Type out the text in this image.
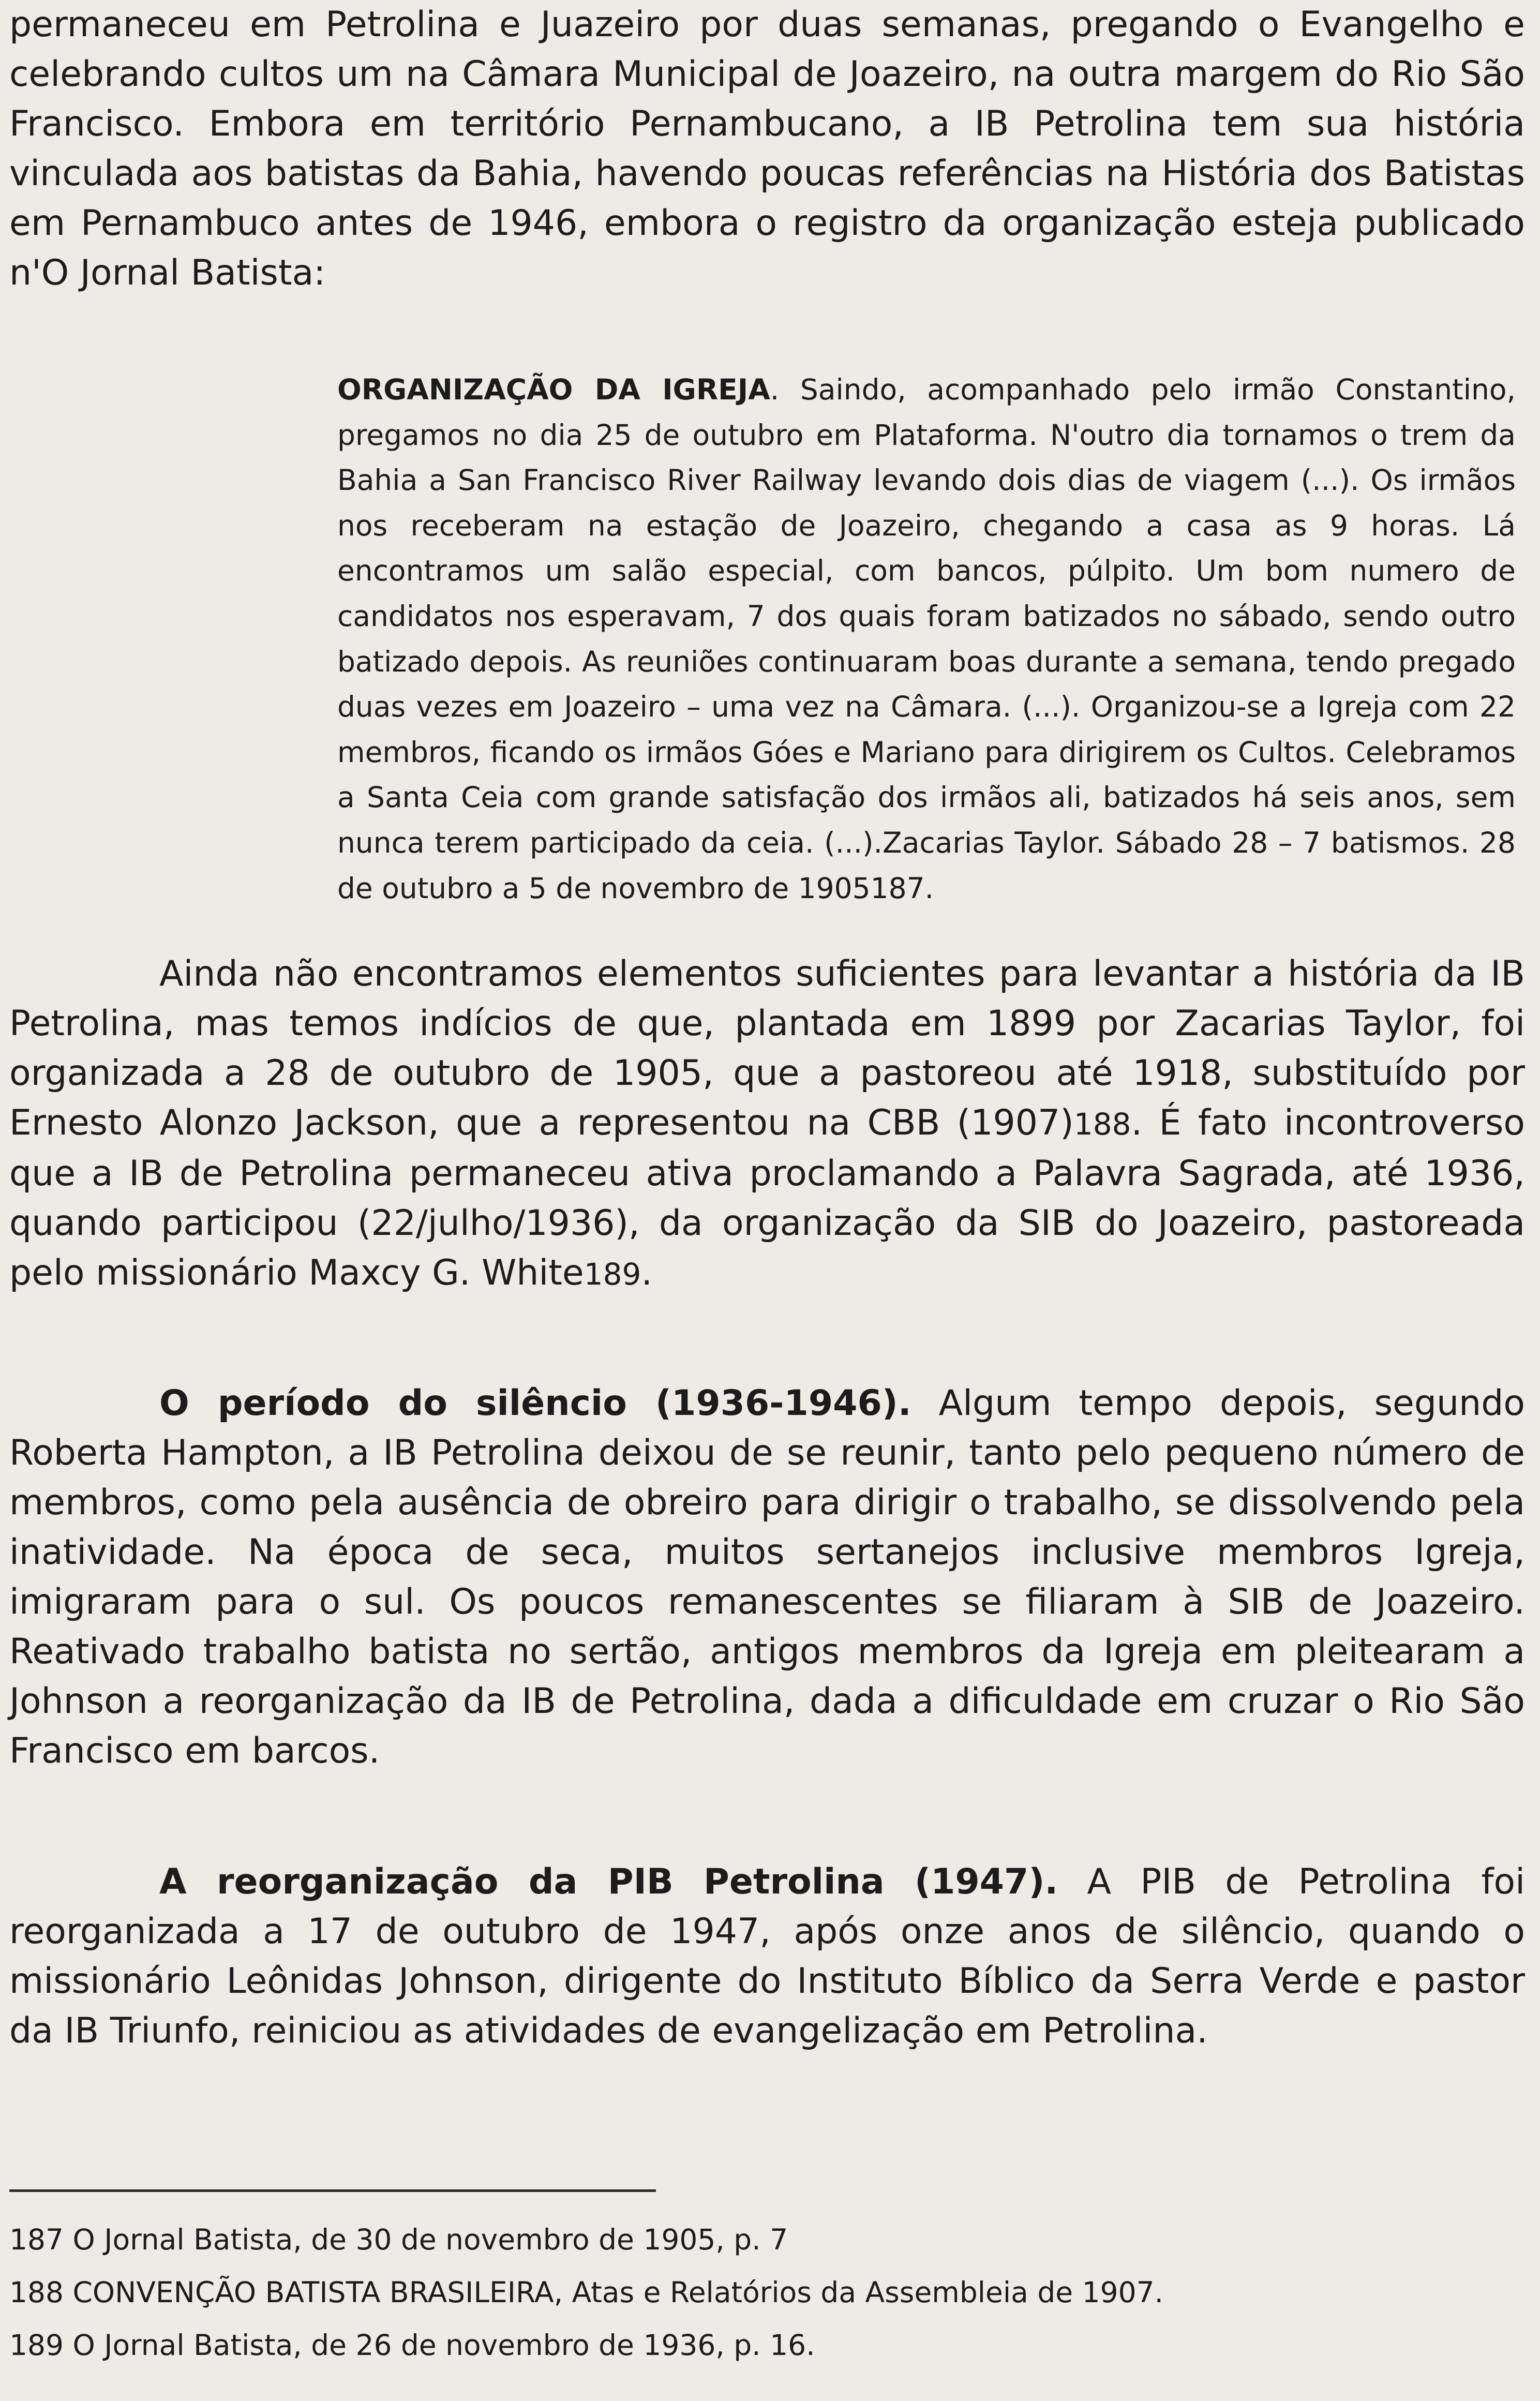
permaneceu em Petrolina e Juazeiro por duas semanas, pregando o Evangelho e celebrando cultos um na Câmara Municipal de Joazeiro, na outra margem do Rio São Francisco. Embora em território Pernambucano, a IB Petrolina tem sua história vinculada aos batistas da Bahia, havendo poucas referências na História dos Batistas em Pernambuco antes de 1946, embora o registro da organização esteja publicado n'O Jornal Batista:

ORGANIZAÇÃO DA IGREJA. Saindo, acompanhado pelo irmão Constantino, pregamos no dia 25 de outubro em Plataforma. N'outro dia tornamos o trem da Bahia a San Francisco River Railway levando dois dias de viagem (...). Os irmãos nos receberam na estação de Joazeiro, chegando a casa as 9 horas. Lá encontramos um salão especial, com bancos, púlpito. Um bom numero de candidatos nos esperavam, 7 dos quais foram batizados no sábado, sendo outro batizado depois. As reuniões continuaram boas durante a semana, tendo pregado duas vezes em Joazeiro – uma vez na Câmara. (...). Organizou-se a Igreja com 22 membros, ficando os irmãos Góes e Mariano para dirigirem os Cultos. Celebramos a Santa Ceia com grande satisfação dos irmãos ali, batizados há seis anos, sem nunca terem participado da ceia. (...).Zacarias Taylor. Sábado 28 – 7 batismos. 28 de outubro a 5 de novembro de 1905187.

Ainda não encontramos elementos suficientes para levantar a história da IB Petrolina, mas temos indícios de que, plantada em 1899 por Zacarias Taylor, foi organizada a 28 de outubro de 1905, que a pastoreou até 1918, substituído por Ernesto Alonzo Jackson, que a representou na CBB (1907)188. É fato incontroverso que a IB de Petrolina permaneceu ativa proclamando a Palavra Sagrada, até 1936, quando participou (22/julho/1936), da organização da SIB do Joazeiro, pastoreada pelo missionário Maxcy G. White189.

O período do silêncio (1936-1946). Algum tempo depois, segundo Roberta Hampton, a IB Petrolina deixou de se reunir, tanto pelo pequeno número de membros, como pela ausência de obreiro para dirigir o trabalho, se dissolvendo pela inatividade. Na época de seca, muitos sertanejos inclusive membros Igreja, imigraram para o sul. Os poucos remanescentes se filiaram à SIB de Joazeiro. Reativado trabalho batista no sertão, antigos membros da Igreja em pleitearam a Johnson a reorganização da IB de Petrolina, dada a dificuldade em cruzar o Rio São Francisco em barcos.

A reorganização da PIB Petrolina (1947). A PIB de Petrolina foi reorganizada a 17 de outubro de 1947, após onze anos de silêncio, quando o missionário Leônidas Johnson, dirigente do Instituto Bíblico da Serra Verde e pastor da IB Triunfo, reiniciou as atividades de evangelização em Petrolina.

187 O Jornal Batista, de 30 de novembro de 1905, p. 7
188 CONVENÇÃO BATISTA BRASILEIRA, Atas e Relatórios da Assembleia de 1907.
189 O Jornal Batista, de 26 de novembro de 1936, p. 16.
